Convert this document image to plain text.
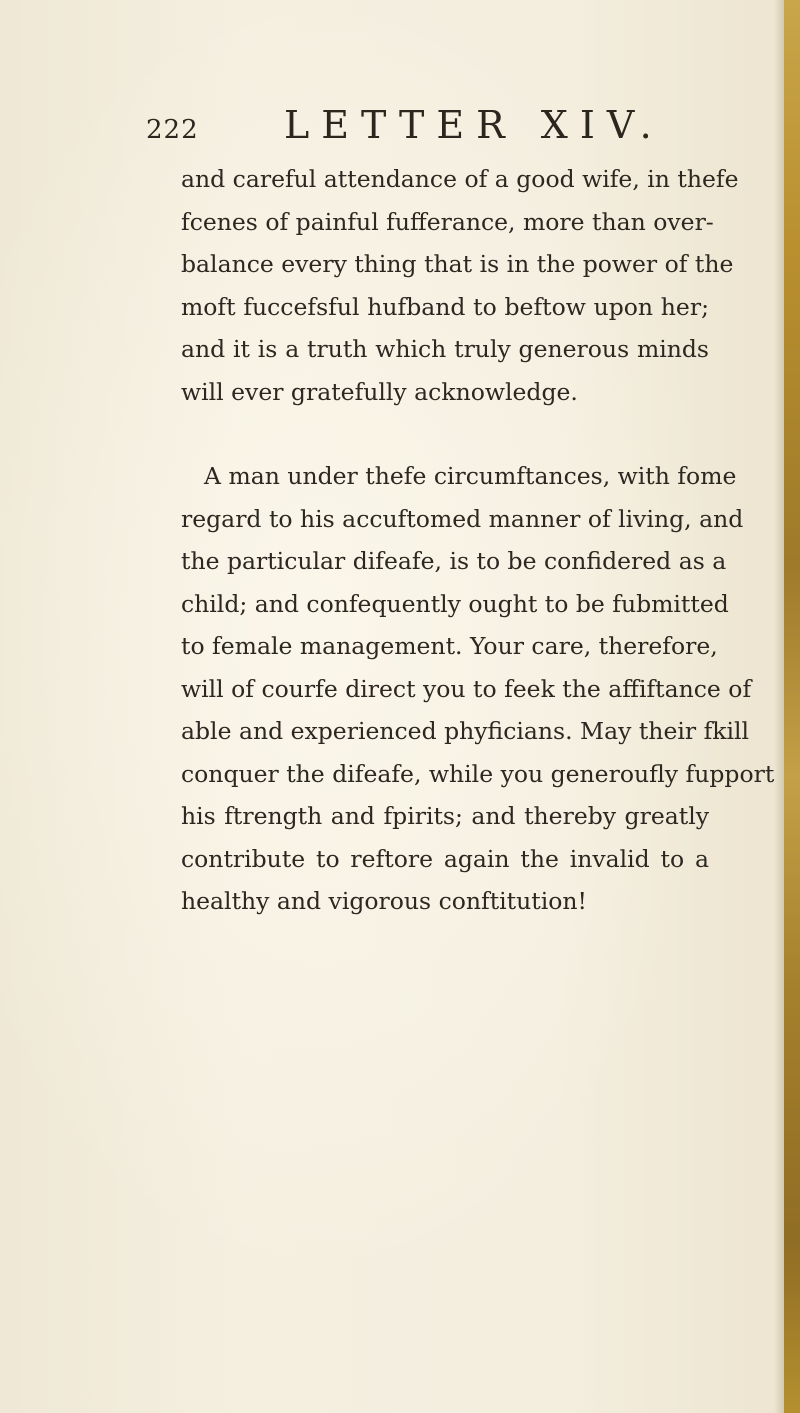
222 LETTER XIV.

and careful attendance of a good wife, in thefe
fcenes of painful fufferance, more than over-
balance every thing that is in the power of the
moft fuccefsful hufband to beftow upon her;
and it is a truth which truly generous minds
will ever gratefully acknowledge.

A man under thefe circumftances, with fome
regard to his accuftomed manner of living, and
the particular difeafe, is to be confidered as a
child; and confequently ought to be fubmitted
to female management. Your care, therefore,
will of courfe direct you to feek the affiftance of
able and experienced phyficians. May their fkill
conquer the difeafe, while you generoufly fupport
his ftrength and fpirits; and thereby greatly
contribute to reftore again the invalid to a
healthy and vigorous conftitution!
